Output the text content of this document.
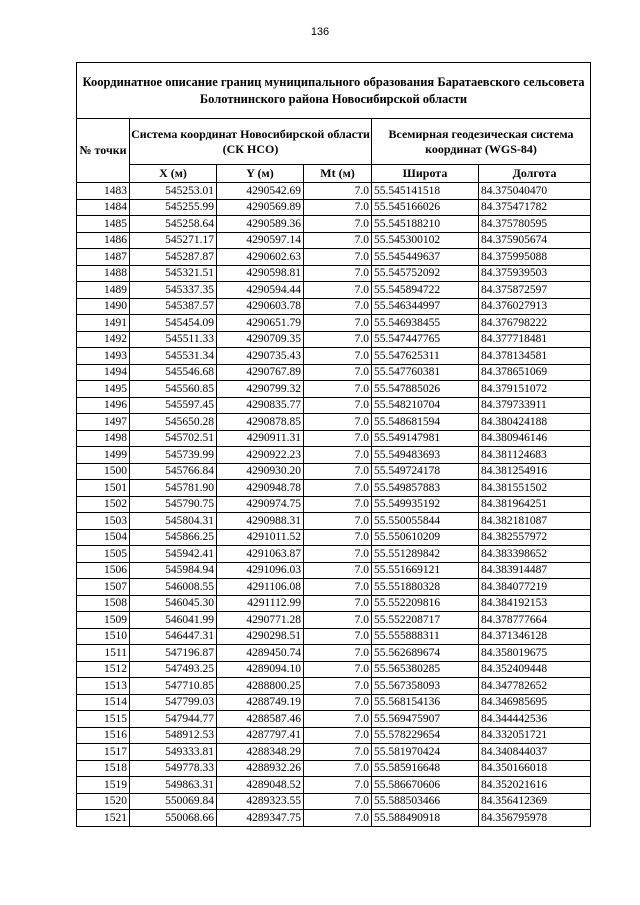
136
Координатное описание границ муниципального образования Баратаевского сельсовета Болотнинского района Новосибирской области					
№ точки	Система координат Новосибирской области (СК НСО)			Всемирная геодезическая система координат (WGS-84)	
	X (м)	Y (м)	Mt (м)	Широта	Долгота
1483	545253.01	4290542.69	7.0	55.545141518	84.375040470
1484	545255.99	4290569.89	7.0	55.545166026	84.375471782
1485	545258.64	4290589.36	7.0	55.545188210	84.375780595
1486	545271.17	4290597.14	7.0	55.545300102	84.375905674
1487	545287.87	4290602.63	7.0	55.545449637	84.375995088
1488	545321.51	4290598.81	7.0	55.545752092	84.375939503
1489	545337.35	4290594.44	7.0	55.545894722	84.375872597
1490	545387.57	4290603.78	7.0	55.546344997	84.376027913
1491	545454.09	4290651.79	7.0	55.546938455	84.376798222
1492	545511.33	4290709.35	7.0	55.547447765	84.377718481
1493	545531.34	4290735.43	7.0	55.547625311	84.378134581
1494	545546.68	4290767.89	7.0	55.547760381	84.378651069
1495	545560.85	4290799.32	7.0	55.547885026	84.379151072
1496	545597.45	4290835.77	7.0	55.548210704	84.379733911
1497	545650.28	4290878.85	7.0	55.548681594	84.380424188
1498	545702.51	4290911.31	7.0	55.549147981	84.380946146
1499	545739.99	4290922.23	7.0	55.549483693	84.381124683
1500	545766.84	4290930.20	7.0	55.549724178	84.381254916
1501	545781.90	4290948.78	7.0	55.549857883	84.381551502
1502	545790.75	4290974.75	7.0	55.549935192	84.381964251
1503	545804.31	4290988.31	7.0	55.550055844	84.382181087
1504	545866.25	4291011.52	7.0	55.550610209	84.382557972
1505	545942.41	4291063.87	7.0	55.551289842	84.383398652
1506	545984.94	4291096.03	7.0	55.551669121	84.383914487
1507	546008.55	4291106.08	7.0	55.551880328	84.384077219
1508	546045.30	4291112.99	7.0	55.552209816	84.384192153
1509	546041.99	4290771.28	7.0	55.552208717	84.378777664
1510	546447.31	4290298.51	7.0	55.555888311	84.371346128
1511	547196.87	4289450.74	7.0	55.562689674	84.358019675
1512	547493.25	4289094.10	7.0	55.565380285	84.352409448
1513	547710.85	4288800.25	7.0	55.567358093	84.347782652
1514	547799.03	4288749.19	7.0	55.568154136	84.346985695
1515	547944.77	4288587.46	7.0	55.569475907	84.344442536
1516	548912.53	4287797.41	7.0	55.578229654	84.332051721
1517	549333.81	4288348.29	7.0	55.581970424	84.340844037
1518	549778.33	4288932.26	7.0	55.585916648	84.350166018
1519	549863.31	4289048.52	7.0	55.586670606	84.352021616
1520	550069.84	4289323.55	7.0	55.588503466	84.356412369
1521	550068.66	4289347.75	7.0	55.588490918	84.356795978
